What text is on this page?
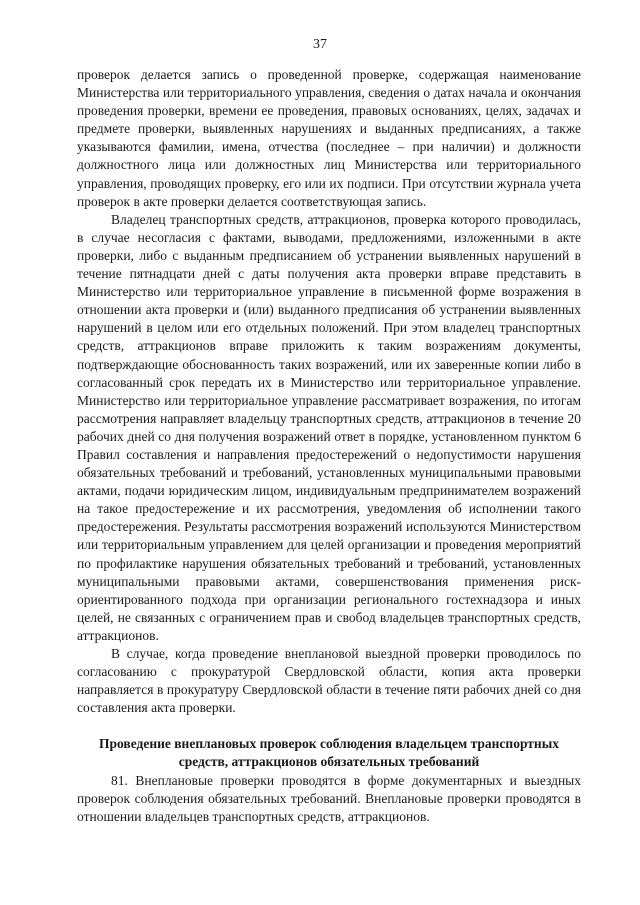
37

проверок делается запись о проведенной проверке, содержащая наименование Министерства или территориального управления, сведения о датах начала и окончания проведения проверки, времени ее проведения, правовых основаниях, целях, задачах и предмете проверки, выявленных нарушениях и выданных предписаниях, а также указываются фамилии, имена, отчества (последнее – при наличии) и должности должностного лица или должностных лиц Министерства или территориального управления, проводящих проверку, его или их подписи. При отсутствии журнала учета проверок в акте проверки делается соответствующая запись.

Владелец транспортных средств, аттракционов, проверка которого проводилась, в случае несогласия с фактами, выводами, предложениями, изложенными в акте проверки, либо с выданным предписанием об устранении выявленных нарушений в течение пятнадцати дней с даты получения акта проверки вправе представить в Министерство или территориальное управление в письменной форме возражения в отношении акта проверки и (или) выданного предписания об устранении выявленных нарушений в целом или его отдельных положений. При этом владелец транспортных средств, аттракционов вправе приложить к таким возражениям документы, подтверждающие обоснованность таких возражений, или их заверенные копии либо в согласованный срок передать их в Министерство или территориальное управление. Министерство или территориальное управление рассматривает возражения, по итогам рассмотрения направляет владельцу транспортных средств, аттракционов в течение 20 рабочих дней со дня получения возражений ответ в порядке, установленном пунктом 6 Правил составления и направления предостережений о недопустимости нарушения обязательных требований и требований, установленных муниципальными правовыми актами, подачи юридическим лицом, индивидуальным предпринимателем возражений на такое предостережение и их рассмотрения, уведомления об исполнении такого предостережения. Результаты рассмотрения возражений используются Министерством или территориальным управлением для целей организации и проведения мероприятий по профилактике нарушения обязательных требований и требований, установленных муниципальными правовыми актами, совершенствования применения риск-ориентированного подхода при организации регионального гостехнадзора и иных целей, не связанных с ограничением прав и свобод владельцев транспортных средств, аттракционов.

В случае, когда проведение внеплановой выездной проверки проводилось по согласованию с прокуратурой Свердловской области, копия акта проверки направляется в прокуратуру Свердловской области в течение пяти рабочих дней со дня составления акта проверки.

Проведение внеплановых проверок соблюдения владельцем транспортных средств, аттракционов обязательных требований

81. Внеплановые проверки проводятся в форме документарных и выездных проверок соблюдения обязательных требований. Внеплановые проверки проводятся в отношении владельцев транспортных средств, аттракционов.
